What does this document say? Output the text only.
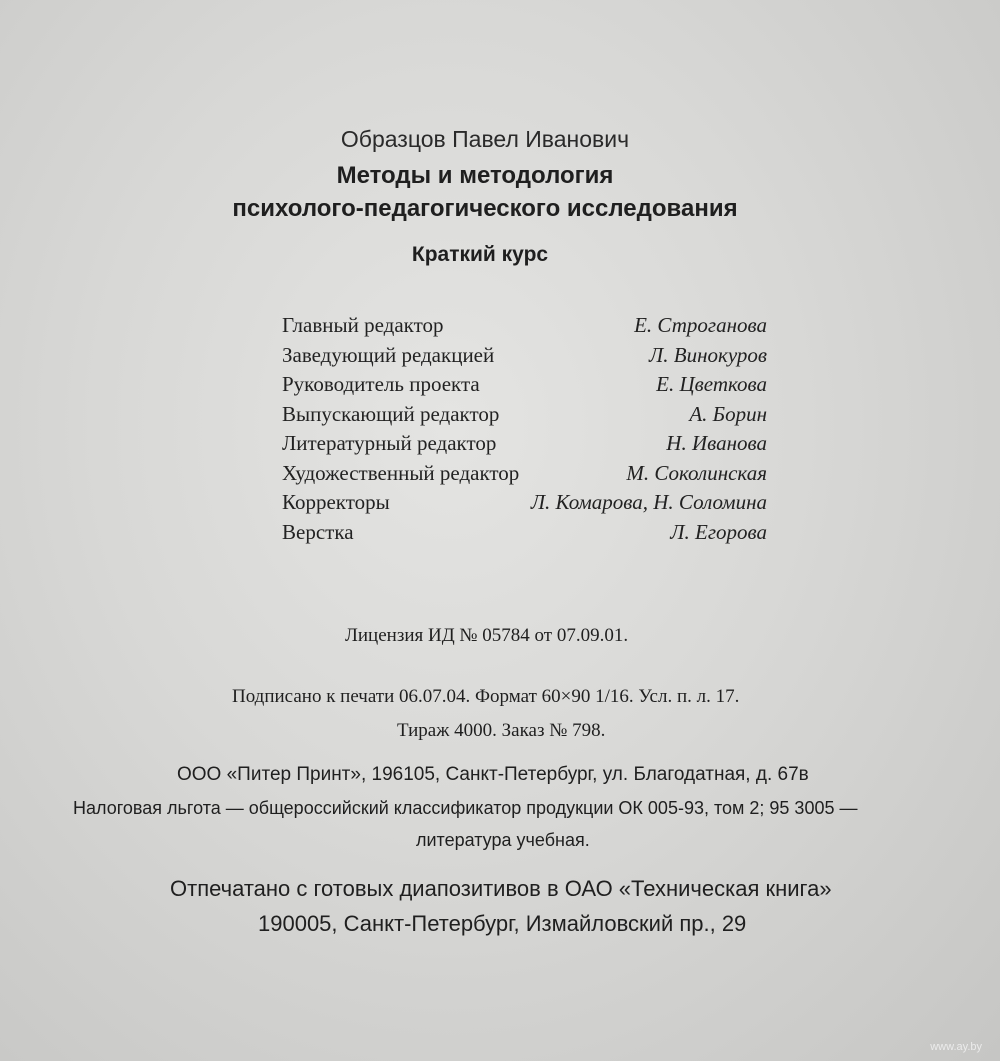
Образцов Павел Иванович
Методы и методология
психолого-педагогического исследования
Краткий курс
Главный редактор	Е. Строганова
Заведующий редакцией	Л. Винокуров
Руководитель проекта	Е. Цветкова
Выпускающий редактор	А. Борин
Литературный редактор	Н. Иванова
Художественный редактор	М. Соколинская
Корректоры	Л. Комарова, Н. Соломина
Верстка	Л. Егорова
Лицензия ИД № 05784 от 07.09.01.
Подписано к печати 06.07.04. Формат 60×90 1/16. Усл. п. л. 17.
Тираж 4000. Заказ № 798.
ООО «Питер Принт», 196105, Санкт-Петербург, ул. Благодатная, д. 67в
Налоговая льгота — общероссийский классификатор продукции ОК 005-93, том 2; 95 3005 —
литература учебная.
Отпечатано с готовых диапозитивов в ОАО «Техническая книга»
190005, Санкт-Петербург, Измайловский пр., 29
www.ay.by
